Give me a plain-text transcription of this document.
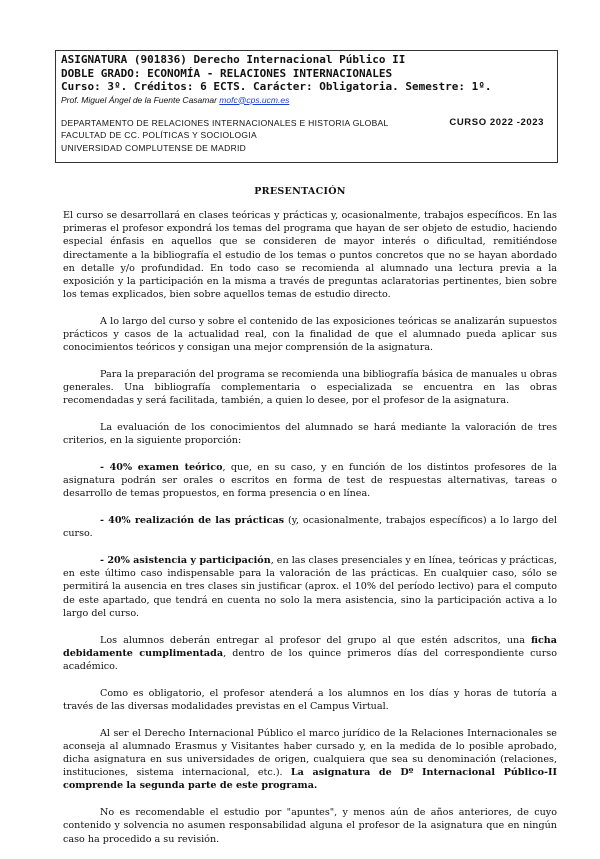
ASIGNATURA (901836) Derecho Internacional Público II
DOBLE GRADO: ECONOMÍA - RELACIONES INTERNACIONALES
Curso: 3º. Créditos: 6 ECTS. Carácter: Obligatoria. Semestre: 1º.
Prof. Miguel Ángel de la Fuente Casamar mofc@cps.ucm.es
DEPARTAMENTO DE RELACIONES INTERNACIONALES E HISTORIA GLOBAL
FACULTAD DE CC. POLÍTICAS Y SOCIOLOGIA
UNIVERSIDAD COMPLUTENSE DE MADRID
CURSO 2022 -2023
PRESENTACIÓN

El curso se desarrollará en clases teóricas y prácticas y, ocasionalmente, trabajos específicos. En las primeras el profesor expondrá los temas del programa que hayan de ser objeto de estudio, haciendo especial énfasis en aquellos que se consideren de mayor interés o dificultad, remitiéndose directamente a la bibliografía el estudio de los temas o puntos concretos que no se hayan abordado en detalle y/o profundidad. En todo caso se recomienda al alumnado una lectura previa a la exposición y la participación en la misma a través de preguntas aclaratorias pertinentes, bien sobre los temas explicados, bien sobre aquellos temas de estudio directo.

A lo largo del curso y sobre el contenido de las exposiciones teóricas se analizarán supuestos prácticos y casos de la actualidad real, con la finalidad de que el alumnado pueda aplicar sus conocimientos teóricos y consigan una mejor comprensión de la asignatura.

Para la preparación del programa se recomienda una bibliografía básica de manuales u obras generales. Una bibliografía complementaria o especializada se encuentra en las obras recomendadas y será facilitada, también, a quien lo desee, por el profesor de la asignatura.

La evaluación de los conocimientos del alumnado se hará mediante la valoración de tres criterios, en la siguiente proporción:

- 40% examen teórico, que, en su caso, y en función de los distintos profesores de la asignatura podrán ser orales o escritos en forma de test de respuestas alternativas, tareas o desarrollo de temas propuestos, en forma presencia o en línea.

- 40% realización de las prácticas (y, ocasionalmente, trabajos específicos) a lo largo del curso.

- 20% asistencia y participación, en las clases presenciales y en línea, teóricas y prácticas, en este último caso indispensable para la valoración de las prácticas. En cualquier caso, sólo se permitirá la ausencia en tres clases sin justificar (aprox. el 10% del período lectivo) para el computo de este apartado, que tendrá en cuenta no solo la mera asistencia, sino la participación activa a lo largo del curso.

Los alumnos deberán entregar al profesor del grupo al que estén adscritos, una ficha debidamente cumplimentada, dentro de los quince primeros días del correspondiente curso académico.

Como es obligatorio, el profesor atenderá a los alumnos en los días y horas de tutoría a través de las diversas modalidades previstas en el Campus Virtual.

Al ser el Derecho Internacional Público el marco jurídico de la Relaciones Internacionales se aconseja al alumnado Erasmus y Visitantes haber cursado y, en la medida de lo posible aprobado, dicha asignatura en sus universidades de origen, cualquiera que sea su denominación (relaciones, instituciones, sistema internacional, etc.). La asignatura de Dº Internacional Público-II comprende la segunda parte de este programa.

No es recomendable el estudio por "apuntes", y menos aún de años anteriores, de cuyo contenido y solvencia no asumen responsabilidad alguna el profesor de la asignatura que en ningún caso ha procedido a su revisión.
